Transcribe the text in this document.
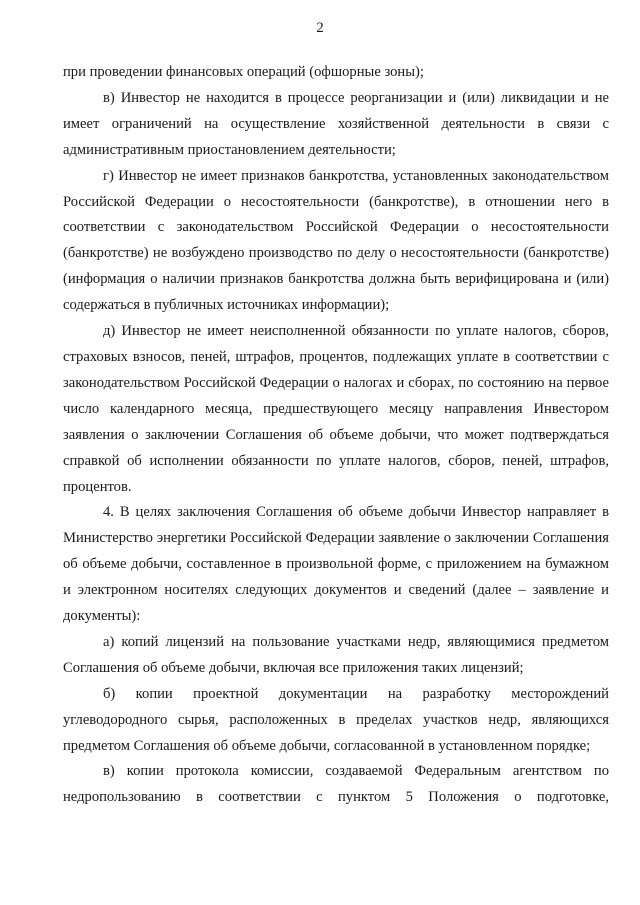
2

при проведении финансовых операций (офшорные зоны);

в) Инвестор не находится в процессе реорганизации и (или) ликвидации и не имеет ограничений на осуществление хозяйственной деятельности в связи с административным приостановлением деятельности;

г) Инвестор не имеет признаков банкротства, установленных законодательством Российской Федерации о несостоятельности (банкротстве), в отношении него в соответствии с законодательством Российской Федерации о несостоятельности (банкротстве) не возбуждено производство по делу о несостоятельности (банкротстве) (информация о наличии признаков банкротства должна быть верифицирована и (или) содержаться в публичных источниках информации);

д) Инвестор не имеет неисполненной обязанности по уплате налогов, сборов, страховых взносов, пеней, штрафов, процентов, подлежащих уплате в соответствии с законодательством Российской Федерации о налогах и сборах, по состоянию на первое число календарного месяца, предшествующего месяцу направления Инвестором заявления о заключении Соглашения об объеме добычи, что может подтверждаться справкой об исполнении обязанности по уплате налогов, сборов, пеней, штрафов, процентов.

4. В целях заключения Соглашения об объеме добычи Инвестор направляет в Министерство энергетики Российской Федерации заявление о заключении Соглашения об объеме добычи, составленное в произвольной форме, с приложением на бумажном и электронном носителях следующих документов и сведений (далее – заявление и документы):

а) копий лицензий на пользование участками недр, являющимися предметом Соглашения об объеме добычи, включая все приложения таких лицензий;

б) копии проектной документации на разработку месторождений углеводородного сырья, расположенных в пределах участков недр, являющихся предметом Соглашения об объеме добычи, согласованной в установленном порядке;

в) копии протокола комиссии, создаваемой Федеральным агентством по недропользованию в соответствии с пунктом 5 Положения о подготовке,
